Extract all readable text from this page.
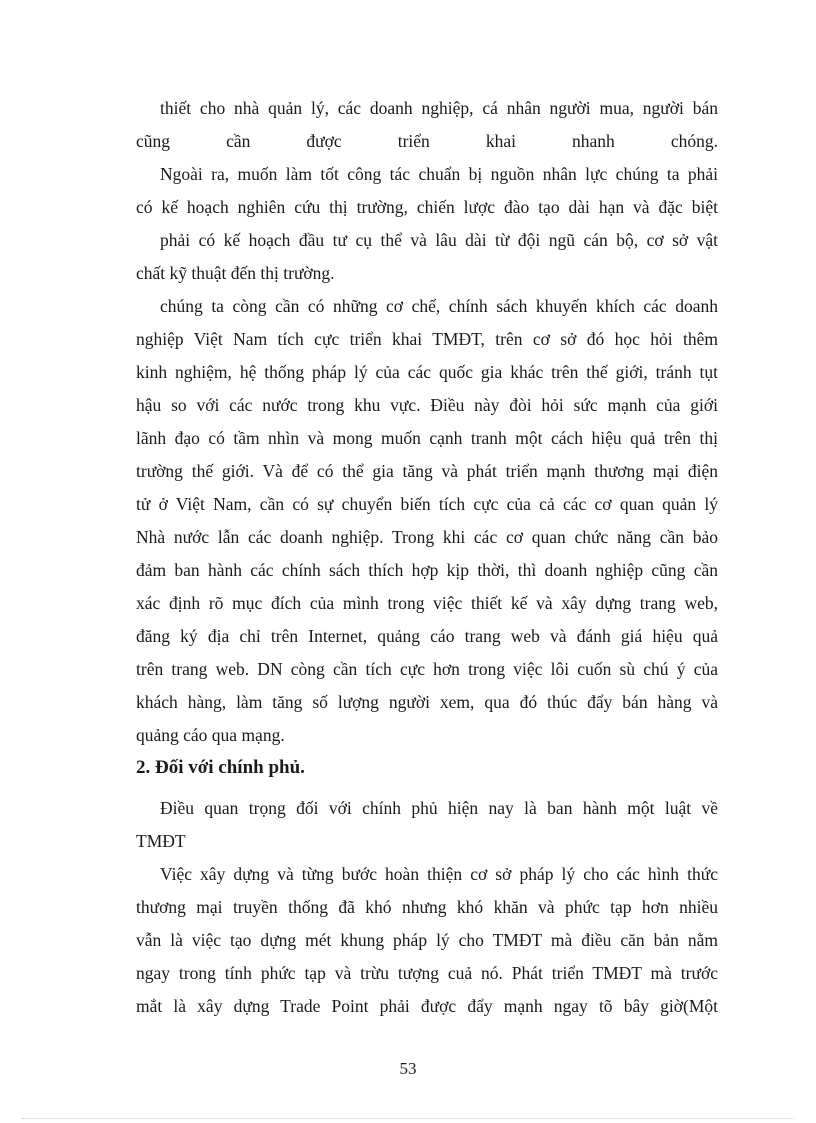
thiết cho nhà quản lý, các doanh nghiệp, cá nhân người mua, người bán
cũng cần được triển khai nhanh chóng.
Ngoài ra, muốn làm tốt công tác chuẩn bị nguồn nhân lực chúng ta phải
có kế hoạch nghiên cứu thị trường, chiến lược đào tạo dài hạn và đặc biệt
phải có kế hoạch đầu tư cụ thể và lâu dài từ đội ngũ cán bộ, cơ sở vật
chất kỹ thuật đến thị trường.
chúng ta còng cần có những cơ chế, chính sách khuyến khích các doanh
nghiệp Việt Nam tích cực triển khai TMĐT, trên cơ sở đó học hỏi thêm
kinh nghiệm, hệ thống pháp lý của các quốc gia khác trên thế giới, tránh tụt
hậu so với các nước trong khu vực. Điều này đòi hỏi sức mạnh của giới
lãnh đạo có tầm nhìn và mong muốn cạnh tranh một cách hiệu quả trên thị
trường thế giới. Và để có thể gia tăng và phát triển mạnh thương mại điện
tử ở Việt Nam, cần có sự chuyển biến tích cực của cả các cơ quan quản lý
Nhà nước lẫn các doanh nghiệp. Trong khi các cơ quan chức năng cần bảo
đảm ban hành các chính sách thích hợp kịp thời, thì doanh nghiệp cũng cần
xác định rõ mục đích của mình trong việc thiết kế và xây dựng trang web,
đăng ký địa chỉ trên Internet, quảng cáo trang web và đánh giá hiệu quả
trên trang web. DN còng cần tích cực hơn trong việc lôi cuốn sù chú ý của
khách hàng, làm tăng số lượng người xem, qua đó thúc đẩy bán hàng và
quảng cáo qua mạng.
2. Đối với chính phủ.
Điều quan trọng đối với chính phủ hiện nay là ban hành một luật về
TMĐT
Việc xây dựng và từng bước hoàn thiện cơ sở pháp lý cho các hình thức
thương mại truyền thống đã khó nhưng khó khăn và phức tạp hơn nhiều
vẫn là việc tạo dựng mét khung pháp lý cho TMĐT mà điều căn bản nằm
ngay trong tính phức tạp và trừu tượng cuả nó. Phát triển TMĐT mà trước
mắt là xây dựng Trade Point phải được đẩy mạnh ngay tõ bây giờ(Một
53
